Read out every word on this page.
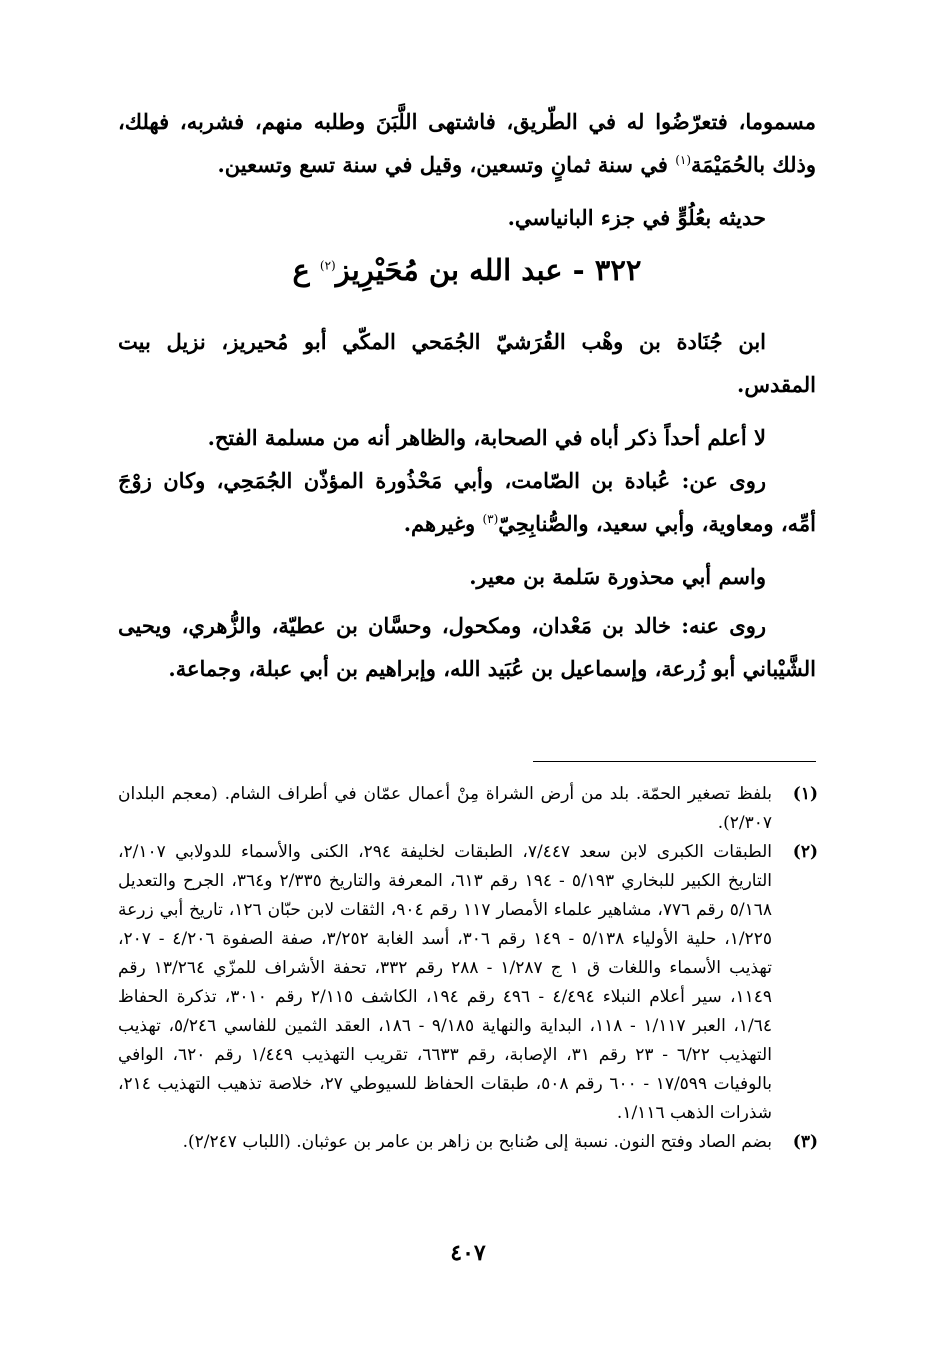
مسموما، فتعرّضُوا له في الطّريق، فاشتهى اللَّبَنَ وطلبه منهم، فشربه، فهلك، وذلك بالحُمَيْمَة$^{(١)}$ في سنة ثمانٍ وتسعين، وقيل في سنة تسع وتسعين.

حديثه بعُلُوٍّ في جزء البانياسي.

٣٢٢ - عبد الله بن مُحَيْرِيز$^{(٢)}$ ع

ابن جُنَادة بن وهْب القُرَشيّ الجُمَحي المكّي أبو مُحيريز، نزيل بيت المقدس.

لا أعلم أحداً ذكر أباه في الصحابة، والظاهر أنه من مسلمة الفتح.

روى عن: عُبادة بن الصّامت، وأبي مَحْذُورة المؤذّن الجُمَحِي، وكان زوْجَ أمِّه، ومعاوية، وأبي سعيد، والصُّنابِحِيّ$^{(٣)}$ وغيرهم.

واسم أبي محذورة سَلمة بن معير.

روى عنه: خالد بن مَعْدان، ومكحول، وحسَّان بن عطيّة، والزُّهري، ويحيى الشَّيْباني أبو زُرعة، وإسماعيل بن عُبَيد الله، وإبراهيم بن أبي عبلة، وجماعة.

(١)
بلفظ تصغير الحمّة. بلد من أرض الشراة مِنْ أعمال عمّان في أطراف الشام. (معجم البلدان ٢/٣٠٧).
(٢)
الطبقات الكبرى لابن سعد ٧/٤٤٧، الطبقات لخليفة ٢٩٤، الكنى والأسماء للدولابي ٢/١٠٧، التاريخ الكبير للبخاري ٥/١٩٣ - ١٩٤ رقم ٦١٣، المعرفة والتاريخ ٢/٣٣٥ و٣٦٤، الجرح والتعديل ٥/١٦٨ رقم ٧٧٦، مشاهير علماء الأمصار ١١٧ رقم ٩٠٤، الثقات لابن حبّان ١٢٦، تاريخ أبي زرعة ١/٢٢٥، حلية الأولياء ٥/١٣٨ - ١٤٩ رقم ٣٠٦، أسد الغابة ٣/٢٥٢، صفة الصفوة ٤/٢٠٦ - ٢٠٧، تهذيب الأسماء واللغات ق ١ ج ١/٢٨٧ - ٢٨٨ رقم ٣٣٢، تحفة الأشراف للمزّي ١٣/٢٦٤ رقم ١١٤٩، سير أعلام النبلاء ٤/٤٩٤ - ٤٩٦ رقم ١٩٤، الكاشف ٢/١١٥ رقم ٣٠١٠، تذكرة الحفاظ ١/٦٤، العبر ١/١١٧ - ١١٨، البداية والنهاية ٩/١٨٥ - ١٨٦، العقد الثمين للفاسي ٥/٢٤٦، تهذيب التهذيب ٦/٢٢ - ٢٣ رقم ٣١، الإصابة، رقم ٦٦٣٣، تقريب التهذيب ١/٤٤٩ رقم ٦٢٠، الوافي بالوفيات ١٧/٥٩٩ - ٦٠٠ رقم ٥٠٨، طبقات الحفاظ للسيوطي ٢٧، خلاصة تذهيب التهذيب ٢١٤، شذرات الذهب ١/١١٦.
(٣)
بضم الصاد وفتح النون. نسبة إلى صُنابح بن زاهر بن عامر بن عوثبان. (اللباب ٢/٢٤٧).
٤٠٧
